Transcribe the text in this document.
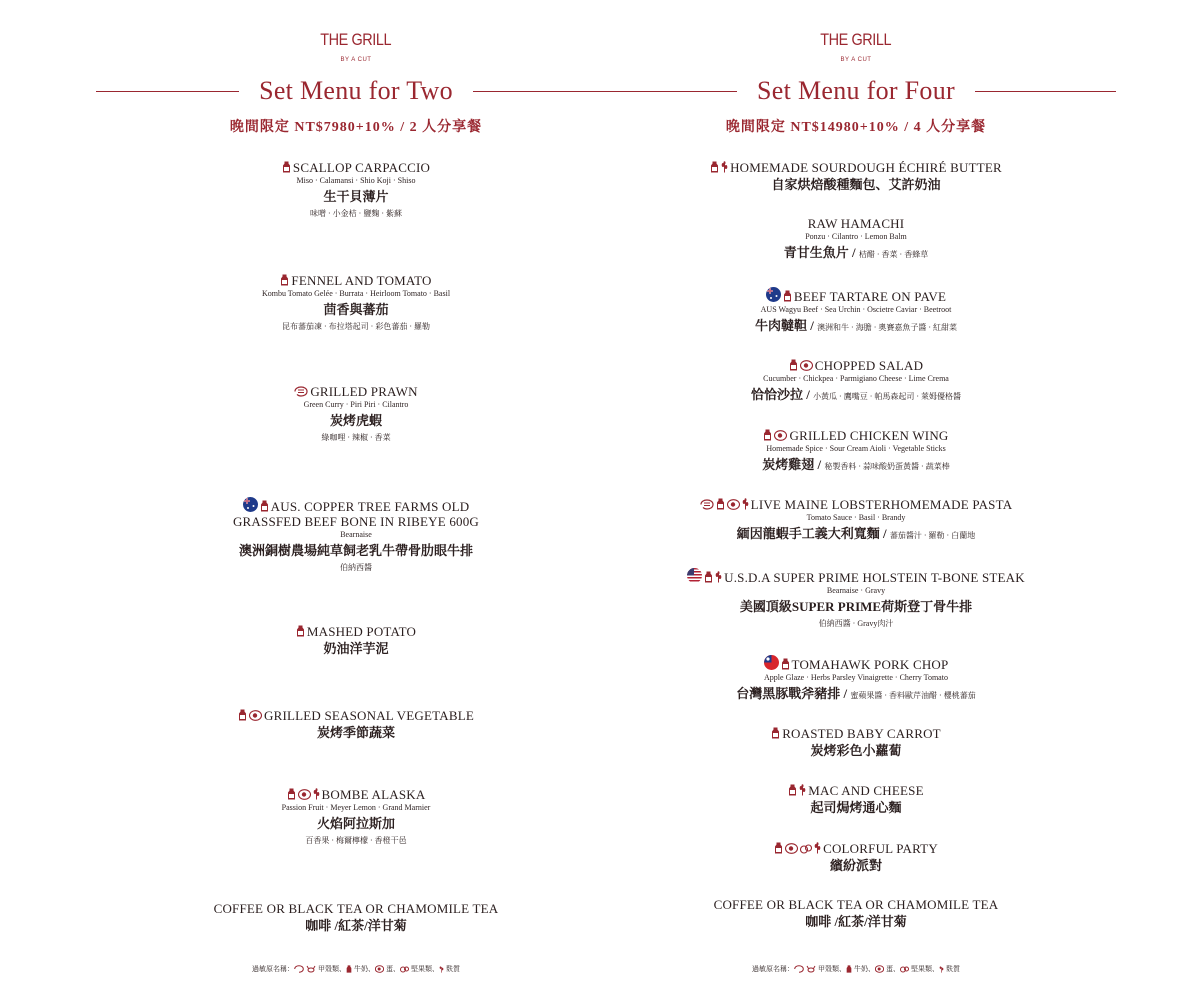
THE GRILL
BY A CUT
Set Menu for Two
晚間限定 NT$7980+10% / 2 人分享餐
SCALLOP CARPACCIO
Miso · Calamansi · Shio Koji · Shiso
生干貝薄片
味噌 · 小金桔 · 鹽麴 · 紫蘇
FENNEL AND TOMATO
Kombu Tomato Gelée · Burrata · Heirloom Tomato · Basil
茴香與蕃茄
昆布蕃茄凍 · 布拉塔起司 · 彩色蕃茄 · 羅勒
GRILLED PRAWN
Green Curry · Piri Piri · Cilantro
炭烤虎蝦
綠咖哩 · 辣椒 · 香菜
AUS. COPPER TREE FARMS OLD
GRASSFED BEEF BONE IN RIBEYE 600G
Bearnaise
澳洲銅樹農場純草飼老乳牛帶骨肋眼牛排
伯納西醬
MASHED POTATO
奶油洋芋泥
GRILLED SEASONAL VEGETABLE
炭烤季節蔬菜
BOMBE ALASKA
Passion Fruit · Meyer Lemon · Grand Marnier
火焰阿拉斯加
百香果 · 梅爾檸檬 · 香橙干邑
COFFEE OR BLACK TEA OR CHAMOMILE TEA
咖啡 /紅茶/洋甘菊
過敏原名稱：	甲殼類、 牛奶、 蛋、 堅果類、 麩質
THE GRILL
BY A CUT
Set Menu for Four
晚間限定 NT$14980+10% / 4 人分享餐
HOMEMADE SOURDOUGH ÉCHIRÉ BUTTER
自家烘焙酸種麵包、艾許奶油
RAW HAMACHI
Ponzu · Cilantro · Lemon Balm
青甘生魚片 / 桔醋 · 香菜 · 香蜂草
BEEF TARTARE ON PAVE
AUS Wagyu Beef · Sea Urchin · Oscietre Caviar · Beetroot
牛肉韃靼 / 澳洲和牛 · 海膽 · 奧賽嘉魚子醬 · 紅甜菜
CHOPPED SALAD
Cucumber · Chickpea · Parmigiano Cheese · Lime Crema
恰恰沙拉 / 小黃瓜 · 鷹嘴豆 · 帕馬森起司 · 萊姆優格醬
GRILLED CHICKEN WING
Homemade Spice · Sour Cream Aioli · Vegetable Sticks
炭烤雞翅 / 秘製香料 · 蒜味酸奶蛋黃醬 · 蔬菜棒
LIVE MAINE LOBSTERHOMEMADE PASTA
Tomato Sauce · Basil · Brandy
緬因龍蝦手工義大利寬麵 / 蕃茄醬汁 · 羅勒 · 白蘭地
U.S.D.A SUPER PRIME HOLSTEIN T-BONE STEAK
Bearnaise · Gravy
美國頂級SUPER PRIME荷斯登丁骨牛排
伯納西醬 · Gravy肉汁
TOMAHAWK PORK CHOP
Apple Glaze · Herbs Parsley Vinaigrette · Cherry Tomato
台灣黑豚戰斧豬排 / 蜜蘋果醬 · 香料歐芹油醋 · 櫻桃蕃茄
ROASTED BABY CARROT
炭烤彩色小蘿蔔
MAC AND CHEESE
起司焗烤通心麵
COLORFUL PARTY
繽紛派對
COFFEE OR BLACK TEA OR CHAMOMILE TEA
咖啡 /紅茶/洋甘菊
過敏原名稱：	甲殼類、 牛奶、 蛋、 堅果類、 麩質
